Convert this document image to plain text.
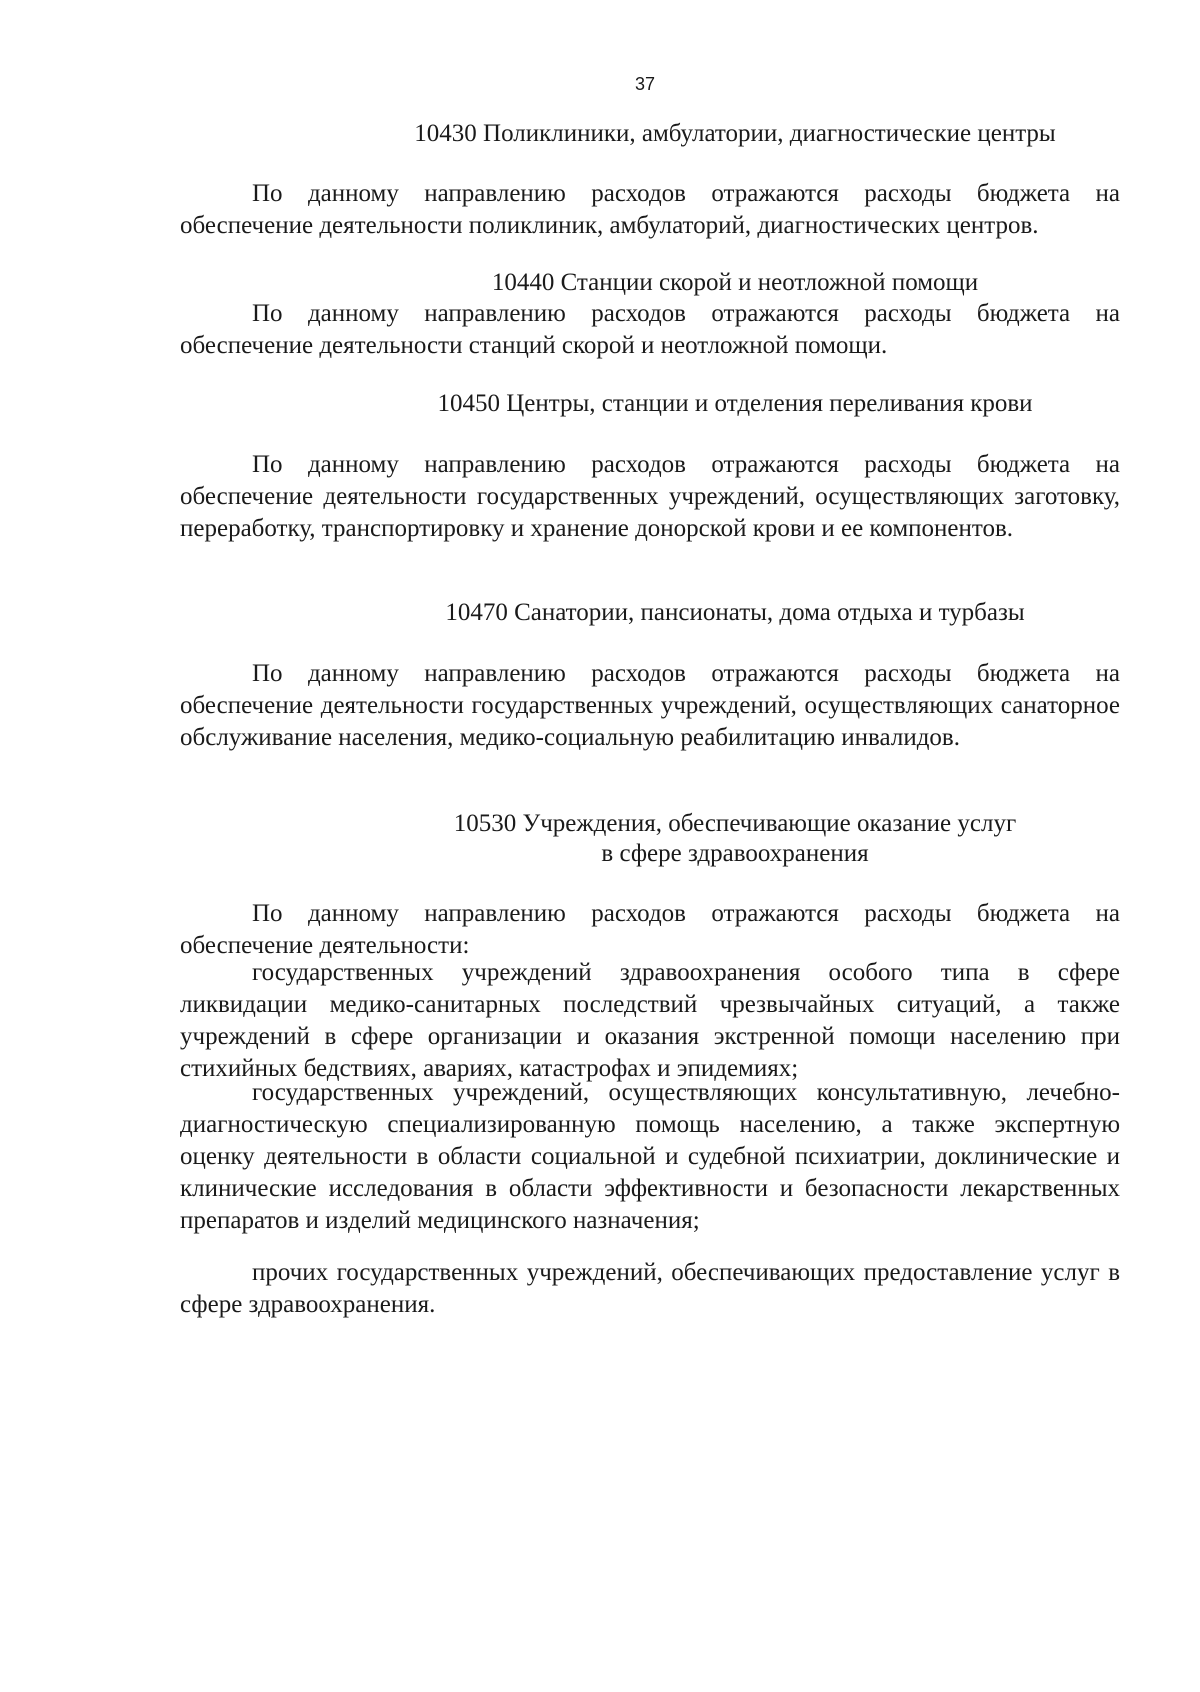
37
10430 Поликлиники, амбулатории, диагностические центры

По данному направлению расходов отражаются расходы бюджета на обеспечение деятельности поликлиник, амбулаторий, диагностических центров.

10440 Станции скорой и неотложной помощи

По данному направлению расходов отражаются расходы бюджета на обеспечение деятельности станций скорой и неотложной помощи.

10450 Центры, станции и отделения переливания крови

По данному направлению расходов отражаются расходы бюджета на обеспечение деятельности государственных учреждений, осуществляющих заготовку, переработку, транспортировку и хранение донорской крови и ее компонентов.

10470 Санатории, пансионаты, дома отдыха и турбазы

По данному направлению расходов отражаются расходы бюджета на обеспечение деятельности государственных учреждений, осуществляющих санаторное обслуживание населения, медико-социальную реабилитацию инвалидов.

10530 Учреждения, обеспечивающие оказание услуг
в сфере здравоохранения

По данному направлению расходов отражаются расходы бюджета на обеспечение деятельности:

государственных учреждений здравоохранения особого типа в сфере ликвидации медико-санитарных последствий чрезвычайных ситуаций, а также учреждений в сфере организации и оказания экстренной помощи населению при стихийных бедствиях, авариях, катастрофах и эпидемиях;

государственных учреждений, осуществляющих консультативную, лечебно-диагностическую специализированную помощь населению, а также экспертную оценку деятельности в области социальной и судебной психиатрии, доклинические и клинические исследования в области эффективности и безопасности лекарственных препаратов и изделий медицинского назначения;

прочих государственных учреждений, обеспечивающих предоставление услуг в сфере здравоохранения.
